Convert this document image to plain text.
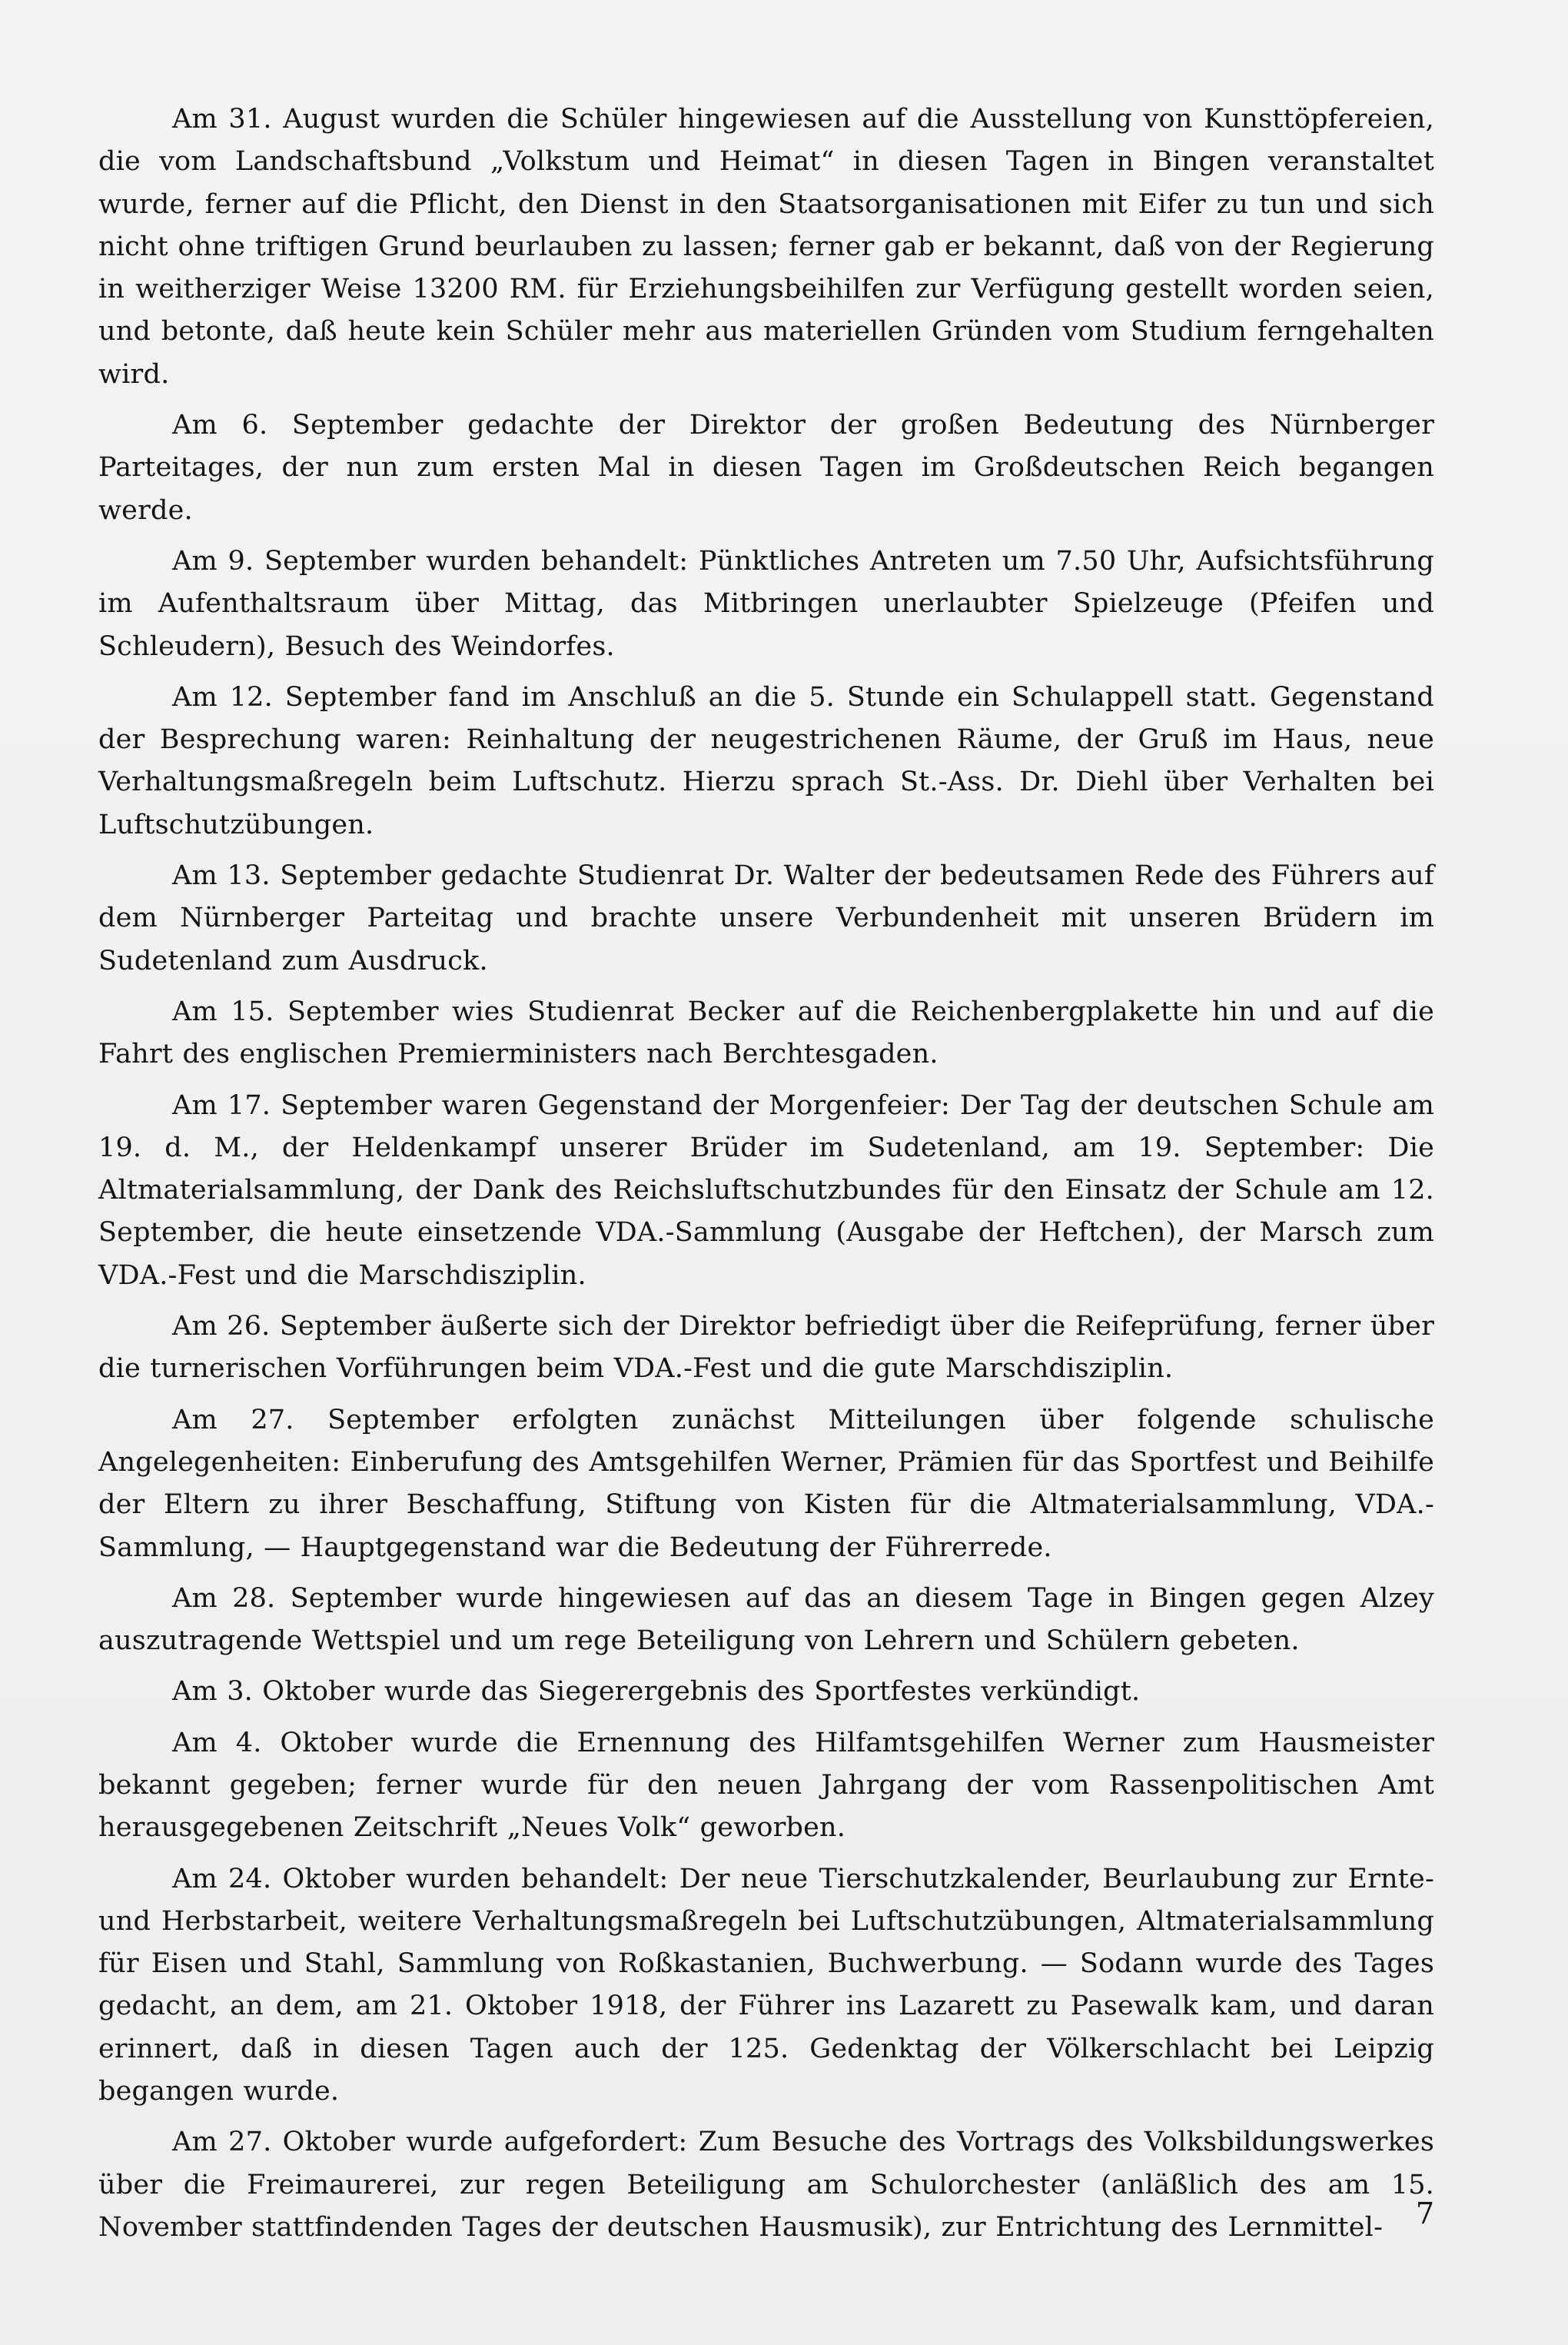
Am 31. August wurden die Schüler hingewiesen auf die Ausstellung von Kunsttöpfereien, die vom Landschaftsbund „Volkstum und Heimat“ in diesen Tagen in Bingen veranstaltet wurde, ferner auf die Pflicht, den Dienst in den Staatsorganisationen mit Eifer zu tun und sich nicht ohne triftigen Grund beurlauben zu lassen; ferner gab er bekannt, daß von der Regierung in weitherziger Weise 13200 RM. für Erziehungsbeihilfen zur Verfügung gestellt worden seien, und betonte, daß heute kein Schüler mehr aus materiellen Gründen vom Studium ferngehalten wird.

Am 6. September gedachte der Direktor der großen Bedeutung des Nürnberger Parteitages, der nun zum ersten Mal in diesen Tagen im Großdeutschen Reich begangen werde.

Am 9. September wurden behandelt: Pünktliches Antreten um 7.50 Uhr, Aufsichtsführung im Aufenthaltsraum über Mittag, das Mitbringen unerlaubter Spielzeuge (Pfeifen und Schleudern), Besuch des Weindorfes.

Am 12. September fand im Anschluß an die 5. Stunde ein Schulappell statt. Gegenstand der Besprechung waren: Reinhaltung der neugestrichenen Räume, der Gruß im Haus, neue Verhaltungsmaßregeln beim Luftschutz. Hierzu sprach St.-Ass. Dr. Diehl über Verhalten bei Luftschutzübungen.

Am 13. September gedachte Studienrat Dr. Walter der bedeutsamen Rede des Führers auf dem Nürnberger Parteitag und brachte unsere Verbundenheit mit unseren Brüdern im Sudetenland zum Ausdruck.

Am 15. September wies Studienrat Becker auf die Reichenbergplakette hin und auf die Fahrt des englischen Premierministers nach Berchtesgaden.

Am 17. September waren Gegenstand der Morgenfeier: Der Tag der deutschen Schule am 19. d. M., der Heldenkampf unserer Brüder im Sudetenland, am 19. September: Die Altmaterialsammlung, der Dank des Reichsluftschutzbundes für den Einsatz der Schule am 12. September, die heute einsetzende VDA.-Sammlung (Ausgabe der Heftchen), der Marsch zum VDA.-Fest und die Marschdisziplin.

Am 26. September äußerte sich der Direktor befriedigt über die Reifeprüfung, ferner über die turnerischen Vorführungen beim VDA.-Fest und die gute Marschdisziplin.

Am 27. September erfolgten zunächst Mitteilungen über folgende schulische Angelegenheiten: Einberufung des Amtsgehilfen Werner, Prämien für das Sportfest und Beihilfe der Eltern zu ihrer Beschaffung, Stiftung von Kisten für die Altmaterialsammlung, VDA.-Sammlung, — Hauptgegenstand war die Bedeutung der Führerrede.

Am 28. September wurde hingewiesen auf das an diesem Tage in Bingen gegen Alzey auszutragende Wettspiel und um rege Beteiligung von Lehrern und Schülern gebeten.

Am 3. Oktober wurde das Siegerergebnis des Sportfestes verkündigt.

Am 4. Oktober wurde die Ernennung des Hilfamtsgehilfen Werner zum Hausmeister bekannt gegeben; ferner wurde für den neuen Jahrgang der vom Rassenpolitischen Amt herausgegebenen Zeitschrift „Neues Volk“ geworben.

Am 24. Oktober wurden behandelt: Der neue Tierschutzkalender, Beurlaubung zur Ernte- und Herbstarbeit, weitere Verhaltungsmaßregeln bei Luftschutzübungen, Altmaterialsammlung für Eisen und Stahl, Sammlung von Roßkastanien, Buchwerbung. — Sodann wurde des Tages gedacht, an dem, am 21. Oktober 1918, der Führer ins Lazarett zu Pasewalk kam, und daran erinnert, daß in diesen Tagen auch der 125. Gedenktag der Völkerschlacht bei Leipzig begangen wurde.

Am 27. Oktober wurde aufgefordert: Zum Besuche des Vortrags des Volksbildungswerkes über die Freimaurerei, zur regen Beteiligung am Schulorchester (anläßlich des am 15. November stattfindenden Tages der deutschen Hausmusik), zur Entrichtung des Lernmittel-	7
